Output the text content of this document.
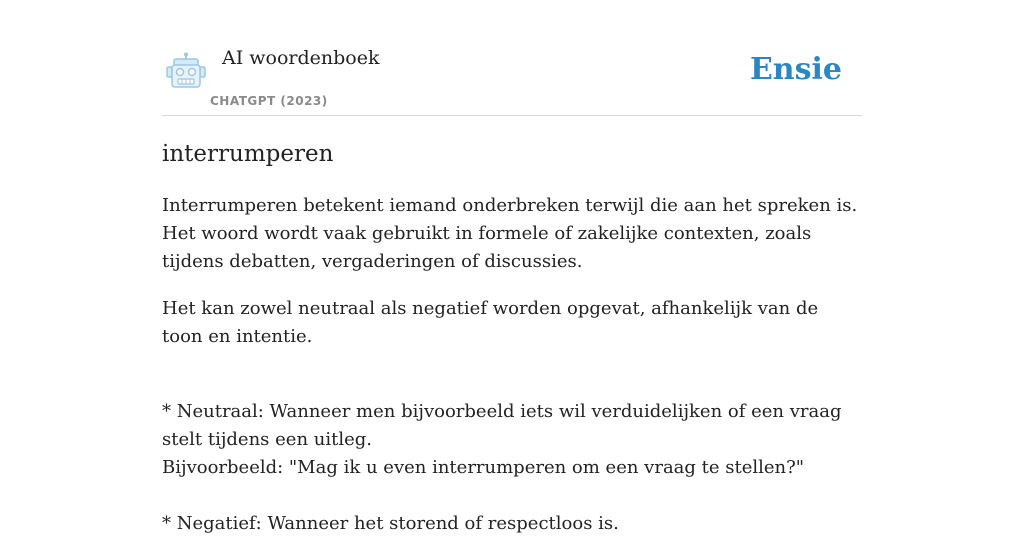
AI woordenboek
CHATGPT (2023)
Ensie
interrumperen

Interrumperen betekent iemand onderbreken terwijl die aan het spreken is. Het woord wordt vaak gebruikt in formele of zakelijke contexten, zoals tijdens debatten, vergaderingen of discussies.

Het kan zowel neutraal als negatief worden opgevat, afhankelijk van de toon en intentie.

* Neutraal: Wanneer men bijvoorbeeld iets wil verduidelijken of een vraag stelt tijdens een uitleg.
Bijvoorbeeld: "Mag ik u even interrumperen om een vraag te stellen?"
* Negatief: Wanneer het storend of respectloos is.
